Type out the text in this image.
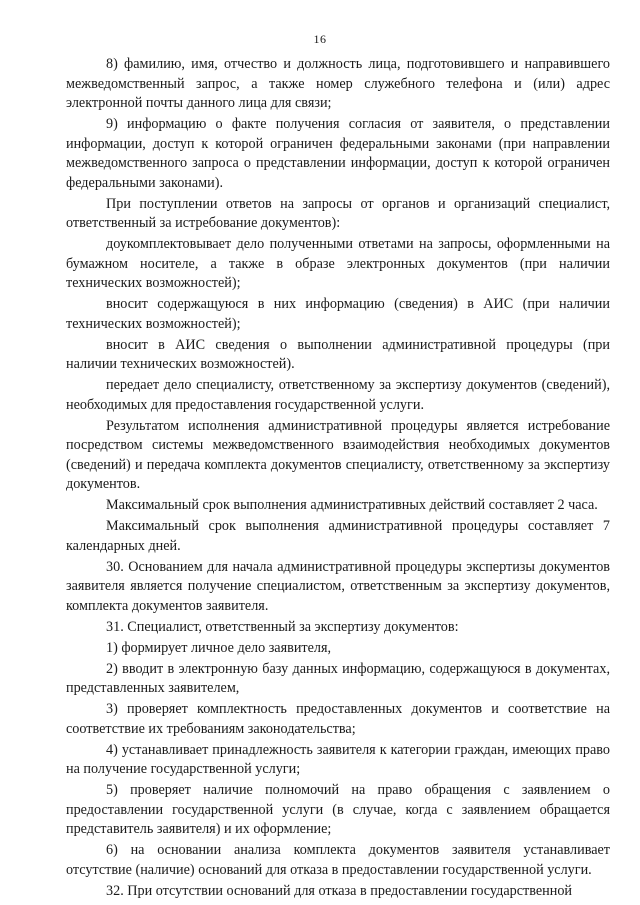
16

8) фамилию, имя, отчество и должность лица, подготовившего и направившего межведомственный запрос, а также номер служебного телефона и (или) адрес электронной почты данного лица для связи;

9) информацию о факте получения согласия от заявителя, о представлении информации, доступ к которой ограничен федеральными законами (при направлении межведомственного запроса о представлении информации, доступ к которой ограничен федеральными законами).

При поступлении ответов на запросы от органов и организаций специалист, ответственный за истребование документов):

доукомплектовывает дело полученными ответами на запросы, оформленными на бумажном носителе, а также в образе электронных документов (при наличии технических возможностей);

вносит содержащуюся в них информацию (сведения) в АИС (при наличии технических возможностей);

вносит в АИС сведения о выполнении административной процедуры (при наличии технических возможностей).

передает дело специалисту, ответственному за экспертизу документов (сведений), необходимых для предоставления государственной услуги.

Результатом исполнения административной процедуры является истребование посредством системы межведомственного взаимодействия необходимых документов (сведений) и передача комплекта документов специалисту, ответственному за экспертизу документов.

Максимальный срок выполнения административных действий составляет 2 часа.

Максимальный срок выполнения административной процедуры составляет 7 календарных дней.

30. Основанием для начала административной процедуры экспертизы документов заявителя является получение специалистом, ответственным за экспертизу документов, комплекта документов заявителя.

31. Специалист, ответственный за экспертизу документов:

1) формирует личное дело заявителя,

2) вводит в электронную базу данных информацию, содержащуюся в документах, представленных заявителем,

3) проверяет комплектность предоставленных документов и соответствие на соответствие их требованиям законодательства;

4) устанавливает принадлежность заявителя к категории граждан, имеющих право на получение государственной услуги;

5) проверяет наличие полномочий на право обращения с заявлением о предоставлении государственной услуги (в случае, когда с заявлением обращается представитель заявителя) и их оформление;

6) на основании анализа комплекта документов заявителя устанавливает отсутствие (наличие) оснований для отказа в предоставлении государственной услуги.

32. При отсутствии оснований для отказа в предоставлении государственной
